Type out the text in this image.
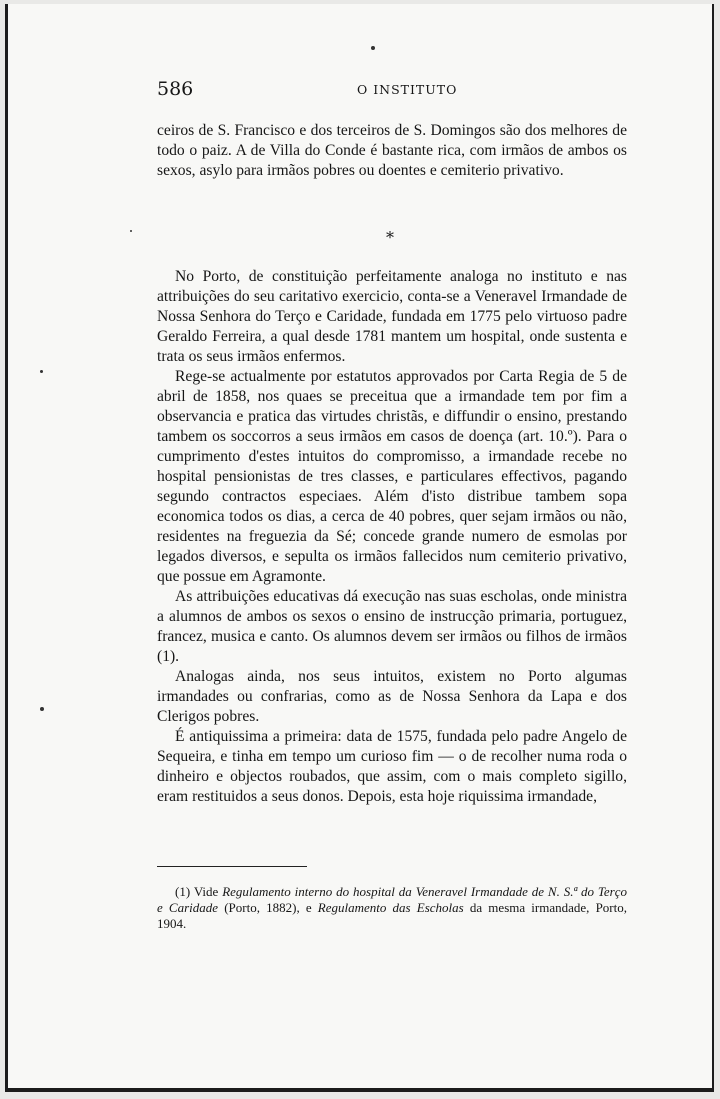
586	O INSTITUTO

ceiros de S. Francisco e dos terceiros de S. Domingos são dos melhores de todo o paiz. A de Villa do Conde é bastante rica, com irmãos de ambos os sexos, asylo para irmãos pobres ou doentes e cemiterio privativo.

*

No Porto, de constituição perfeitamente analoga no instituto e nas attribuições do seu caritativo exercicio, conta-se a Veneravel Irmandade de Nossa Senhora do Terço e Caridade, fundada em 1775 pelo virtuoso padre Geraldo Ferreira, a qual desde 1781 mantem um hospital, onde sustenta e trata os seus irmãos enfermos.

Rege-se actualmente por estatutos approvados por Carta Regia de 5 de abril de 1858, nos quaes se preceitua que a irmandade tem por fim a observancia e pratica das virtudes christãs, e diffundir o ensino, prestando tambem os soccorros a seus irmãos em casos de doença (art. 10.º). Para o cumprimento d'estes intuitos do compromisso, a irmandade recebe no hospital pensionistas de tres classes, e particulares effectivos, pagando segundo contractos especiaes. Além d'isto distribue tambem sopa economica todos os dias, a cerca de 40 pobres, quer sejam irmãos ou não, residentes na freguezia da Sé; concede grande numero de esmolas por legados diversos, e sepulta os irmãos fallecidos num cemiterio privativo, que possue em Agramonte.

As attribuições educativas dá execução nas suas escholas, onde ministra a alumnos de ambos os sexos o ensino de instrucção primaria, portuguez, francez, musica e canto. Os alumnos devem ser irmãos ou filhos de irmãos (1).

Analogas ainda, nos seus intuitos, existem no Porto algumas irmandades ou confrarias, como as de Nossa Senhora da Lapa e dos Clerigos pobres.

É antiquissima a primeira: data de 1575, fundada pelo padre Angelo de Sequeira, e tinha em tempo um curioso fim — o de recolher numa roda o dinheiro e objectos roubados, que assim, com o mais completo sigillo, eram restituidos a seus donos. Depois, esta hoje riquissima irmandade,

(1) Vide Regulamento interno do hospital da Veneravel Irmandade de N. S.ª do Terço e Caridade (Porto, 1882), e Regulamento das Escholas da mesma irmandade, Porto, 1904.
